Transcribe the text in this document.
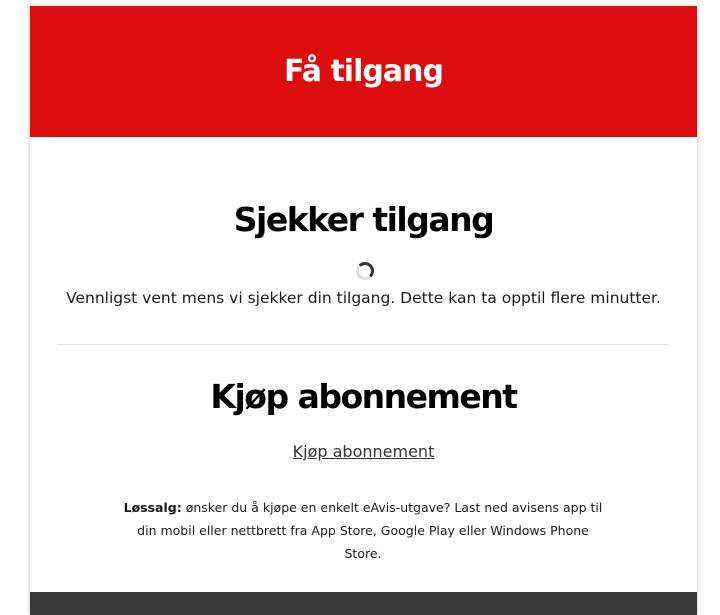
Få tilgang
Sjekker tilgang
Vennligst vent mens vi sjekker din tilgang. Dette kan ta opptil flere minutter.
Kjøp abonnement
Kjøp abonnement

Løssalg: ønsker du å kjøpe en enkelt eAvis-utgave? Last ned avisens app til din mobil eller nettbrett fra App Store, Google Play eller Windows Phone Store.
